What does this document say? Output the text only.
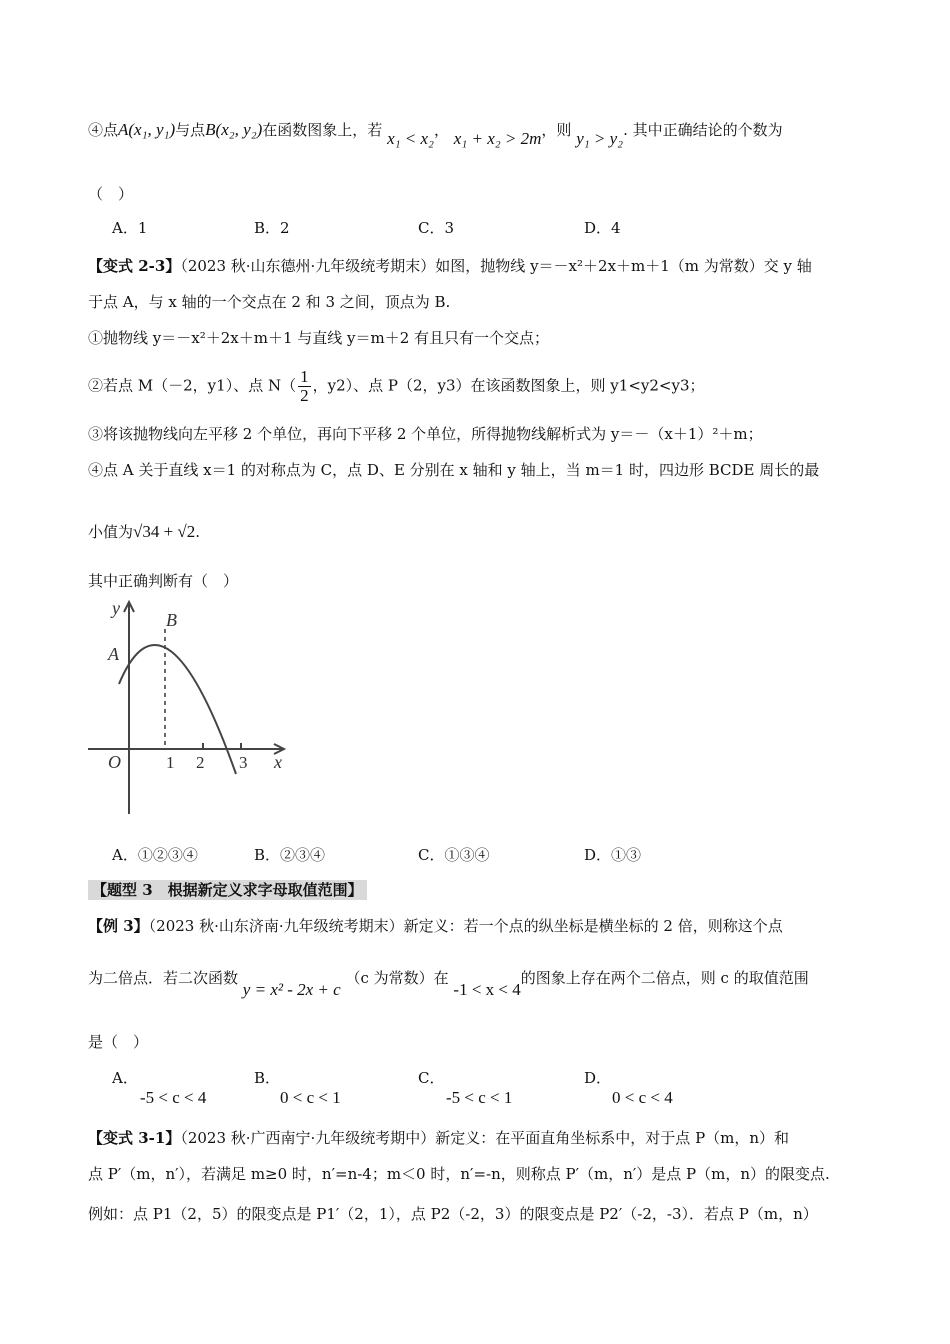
④点A(x₁, y₁)与点B(x₂, y₂)在函数图象上，若 x₁ < x₂， x₁ + x₂ > 2m，则 y₁ > y₂. 其中正确结论的个数为
（　）
A．1	B．2	C．3	D．4
【变式 2-3】（2023 秋·山东德州·九年级统考期末）如图，抛物线 y＝－x²＋2x＋m＋1（m 为常数）交 y 轴
于点 A，与 x 轴的一个交点在 2 和 3 之间，顶点为 B.
①抛物线 y＝－x²＋2x＋m＋1 与直线 y＝m＋2 有且只有一个交点；
②若点 M（－2，y1）、点 $N( \frac{1}{2}$ ，y2）、点 P（2，y3）在该函数图象上，则 y1<y2<y3；
③将该抛物线向左平移 2 个单位，再向下平移 2 个单位，所得抛物线解析式为 y＝－（x＋1）²＋m；
④点 A 关于直线 x＝1 的对称点为 C，点 D、E 分别在 x 轴和 y 轴上，当 m＝1 时，四边形 BCDE 周长的最
小值为√34 + √2.
其中正确判断有（　）
y
x
O
A
B
1 2 3
A．①②③④	B．②③④	C．①③④	D．①③
【题型 3　根据新定义求字母取值范围】
【例 3】（2023 秋·山东济南·九年级统考期末）新定义：若一个点的纵坐标是横坐标的 2 倍，则称这个点
为二倍点．若二次函数 y = x² - 2x + c （c 为常数）在 -1 < x < 4的图象上存在两个二倍点，则 c 的取值范围
是（　）
A．
-5 < c < 4
B．
0 < c < 1
C．
-5 < c < 1
D．
0 < c < 4
【变式 3-1】（2023 秋·广西南宁·九年级统考期中）新定义：在平面直角坐标系中，对于点 P（m，n）和
点 P′（m，n′），若满足 m≥0 时，n′=n-4；m＜0 时，n′=-n，则称点 P′（m，n′）是点 P（m，n）的限变点.
例如：点 P1（2，5）的限变点是 P1′（2，1），点 P2（-2，3）的限变点是 P2′（-2，-3）．若点 P（m，n）
